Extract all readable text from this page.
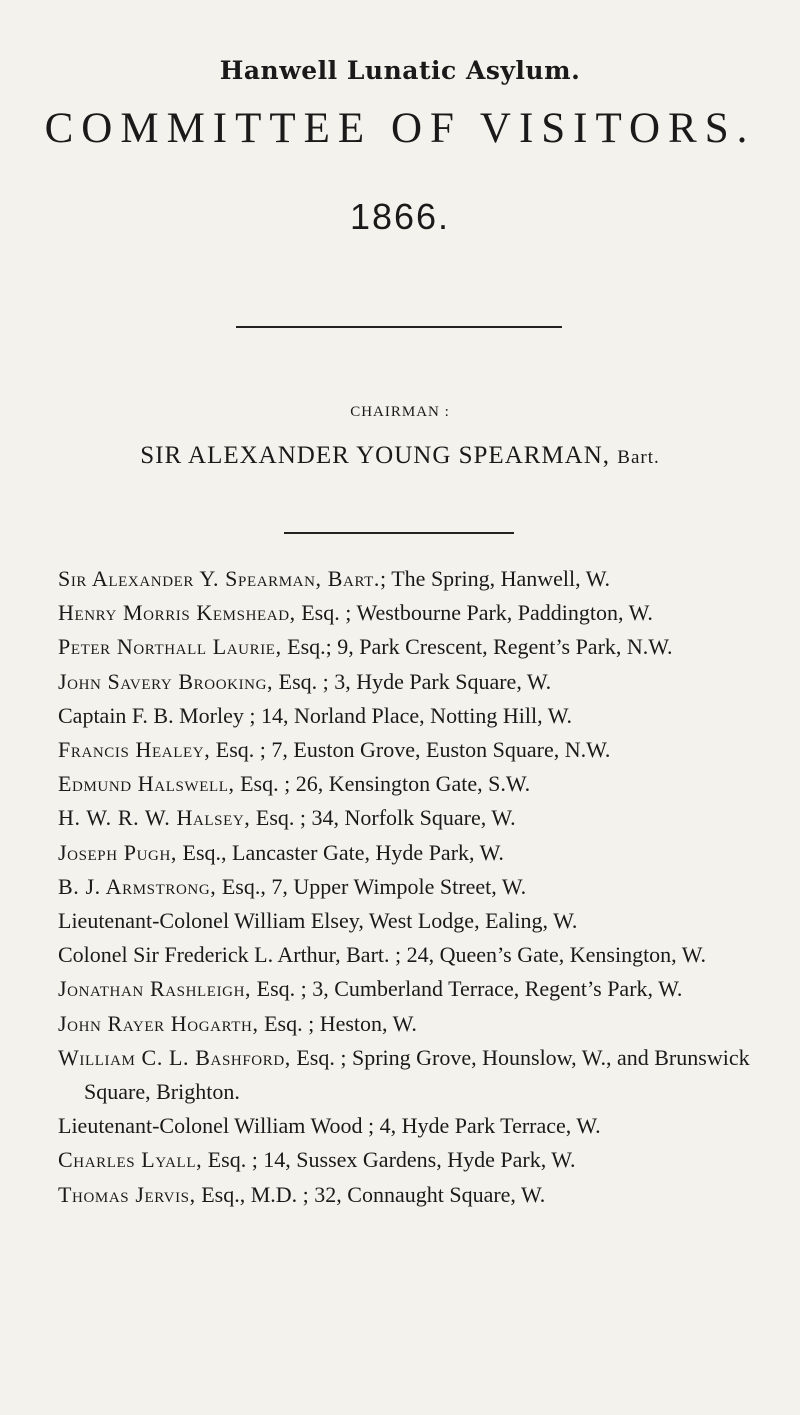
Hanwell Lunatic Asylum.
COMMITTEE OF VISITORS.
1866.
CHAIRMAN :
SIR ALEXANDER YOUNG SPEARMAN, Bart.
Sir Alexander Y. Spearman, Bart.; The Spring, Hanwell, W.
Henry Morris Kemshead, Esq. ; Westbourne Park, Paddington, W.
Peter Northall Laurie, Esq.; 9, Park Crescent, Regent’s Park, N.W.
John Savery Brooking, Esq. ; 3, Hyde Park Square, W.
Captain F. B. Morley ; 14, Norland Place, Notting Hill, W.
Francis Healey, Esq. ; 7, Euston Grove, Euston Square, N.W.
Edmund Halswell, Esq. ; 26, Kensington Gate, S.W.
H. W. R. W. Halsey, Esq. ; 34, Norfolk Square, W.
Joseph Pugh, Esq., Lancaster Gate, Hyde Park, W.
B. J. Armstrong, Esq., 7, Upper Wimpole Street, W.
Lieutenant-Colonel William Elsey, West Lodge, Ealing, W.
Colonel Sir Frederick L. Arthur, Bart. ; 24, Queen’s Gate, Kensington, W.
Jonathan Rashleigh, Esq. ; 3, Cumberland Terrace, Regent’s Park, W.
John Rayer Hogarth, Esq. ; Heston, W.
William C. L. Bashford, Esq. ; Spring Grove, Hounslow, W., and Brunswick Square, Brighton.
Lieutenant-Colonel William Wood ; 4, Hyde Park Terrace, W.
Charles Lyall, Esq. ; 14, Sussex Gardens, Hyde Park, W.
Thomas Jervis, Esq., M.D. ; 32, Connaught Square, W.
